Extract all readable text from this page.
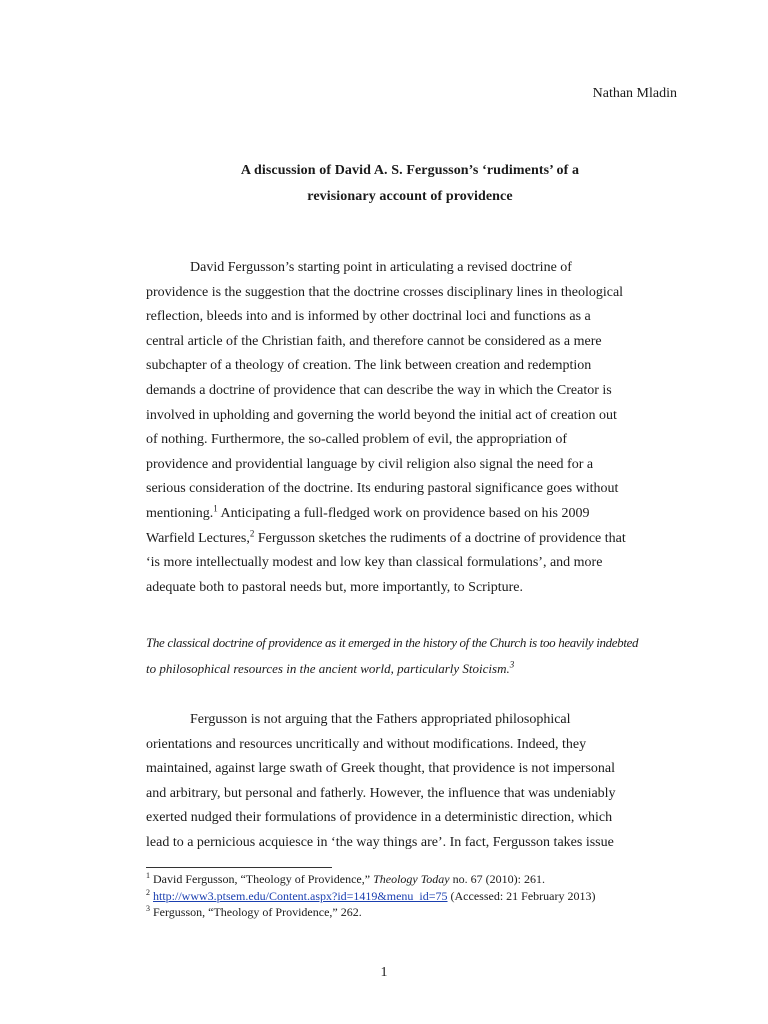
Nathan Mladin
A discussion of David A. S. Fergusson’s ‘rudiments’ of a
revisionary account of providence
David Fergusson’s starting point in articulating a revised doctrine of
providence is the suggestion that the doctrine crosses disciplinary lines in theological
reflection, bleeds into and is informed by other doctrinal loci and functions as a
central article of the Christian faith, and therefore cannot be considered as a mere
subchapter of a theology of creation. The link between creation and redemption
demands a doctrine of providence that can describe the way in which the Creator is
involved in upholding and governing the world beyond the initial act of creation out
of nothing. Furthermore, the so-called problem of evil, the appropriation of
providence and providential language by civil religion also signal the need for a
serious consideration of the doctrine. Its enduring pastoral significance goes without
mentioning.$^1$ Anticipating a full-fledged work on providence based on his 2009
Warfield Lectures,$^2$ Fergusson sketches the rudiments of a doctrine of providence that
‘is more intellectually modest and low key than classical formulations’, and more
adequate both to pastoral needs but, more importantly, to Scripture.
The classical doctrine of providence as it emerged in the history of the Church is too heavily indebted
to philosophical resources in the ancient world, particularly Stoicism.$^3$
Fergusson is not arguing that the Fathers appropriated philosophical
orientations and resources uncritically and without modifications. Indeed, they
maintained, against large swath of Greek thought, that providence is not impersonal
and arbitrary, but personal and fatherly. However, the influence that was undeniably
exerted nudged their formulations of providence in a deterministic direction, which
lead to a pernicious acquiesce in ‘the way things are’. In fact, Fergusson takes issue
$^1$ David Fergusson, “Theology of Providence,” Theology Today no. 67 (2010): 261.
$^2$ http://www3.ptsem.edu/Content.aspx?id=1419&menu_id=75 (Accessed: 21 February 2013)
$^3$ Fergusson, “Theology of Providence,” 262.
1
